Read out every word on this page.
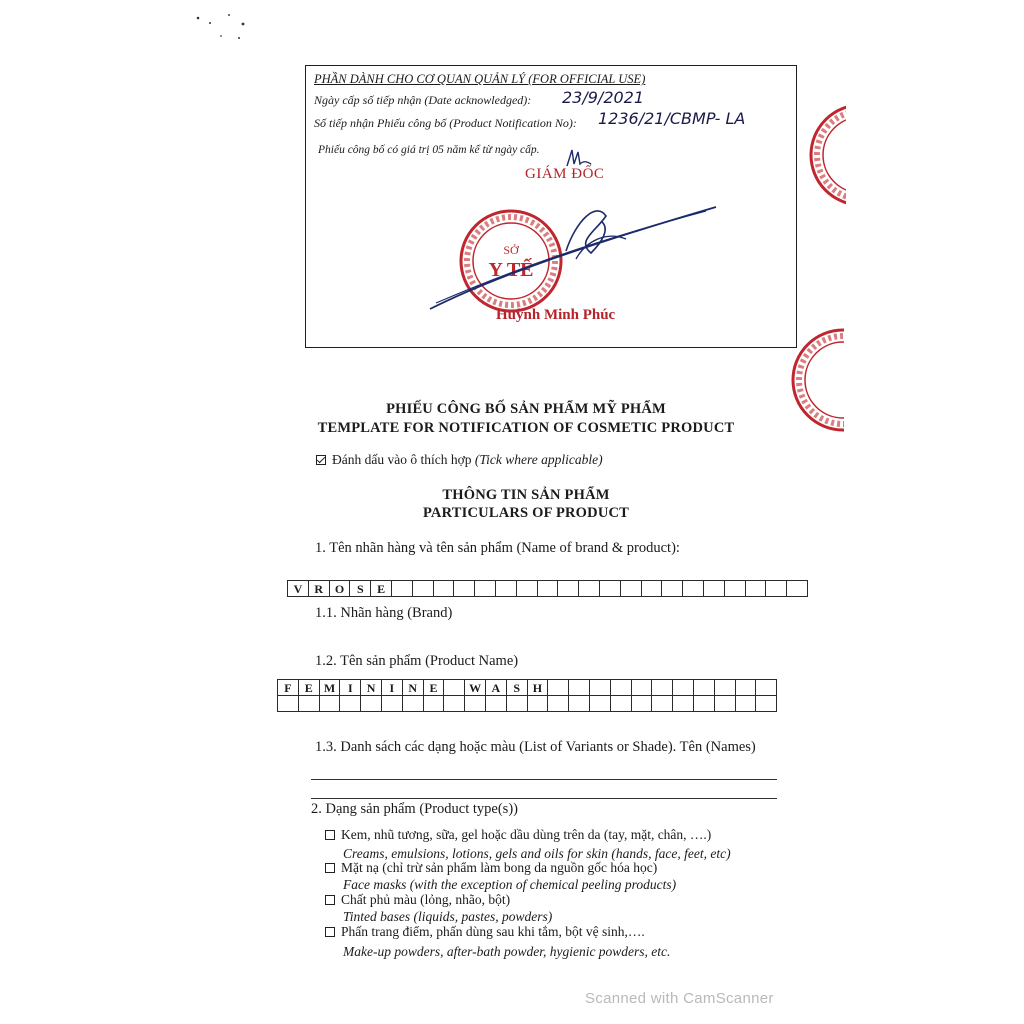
PHẦN DÀNH CHO CƠ QUAN QUẢN LÝ (FOR OFFICIAL USE)
Ngày cấp số tiếp nhận (Date acknowledged): 23/9/2021
Số tiếp nhận Phiếu công bố (Product Notification No): 1236/21/CBMP- LA
Phiếu công bố có giá trị 05 năm kể từ ngày cấp.
GIÁM ĐỐC
Huỳnh Minh Phúc
SỞ
Y TẾ
PHIẾU CÔNG BỐ SẢN PHẨM MỸ PHẨM
TEMPLATE FOR NOTIFICATION OF COSMETIC PRODUCT
Đánh dấu vào ô thích hợp (Tick where applicable)
THÔNG TIN SẢN PHẨM
PARTICULARS OF PRODUCT
1. Tên nhãn hàng và tên sản phẩm (Name of brand & product):
V	R O	S	E
1.1. Nhãn hàng (Brand)
1.2. Tên sản phẩm (Product Name)
F	E M	I	N	I	N	E	W A	S	H
1.3. Danh sách các dạng hoặc màu (List of Variants or Shade). Tên (Names)
2. Dạng sản phẩm (Product type(s))
Kem, nhũ tương, sữa, gel hoặc dầu dùng trên da (tay, mặt, chân, ….)
Creams, emulsions, lotions, gels and oils for skin (hands, face, feet, etc)
Mặt nạ (chỉ trừ sản phẩm làm bong da nguồn gốc hóa học)
Face masks (with the exception of chemical peeling products)
Chất phủ màu (lỏng, nhão, bột)
Tinted bases (liquids, pastes, powders)
Phấn trang điểm, phấn dùng sau khi tắm, bột vệ sinh,….
Make-up powders, after-bath powder, hygienic powders, etc.
Scanned with CamScanner
